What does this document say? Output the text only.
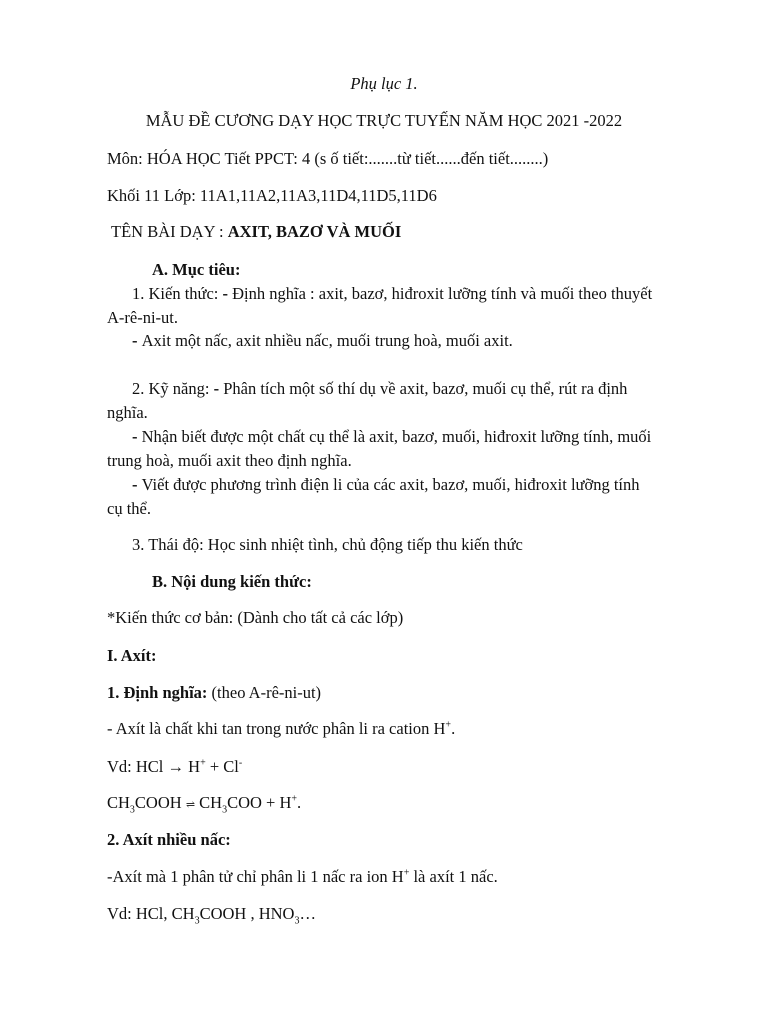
Phụ lục 1.
MẪU ĐỀ CƯƠNG DẠY HỌC TRỰC TUYẾN NĂM HỌC 2021 -2022
Môn: HÓA HỌC Tiết PPCT: 4 (s ố tiết:.......từ tiết......đến tiết........)
Khối 11 Lớp: 11A1,11A2,11A3,11D4,11D5,11D6
TÊN BÀI DẠY : AXIT, BAZƠ VÀ MUỐI
A. Mục tiêu:
1. Kiến thức: - Định nghĩa : axit, bazơ, hiđroxit lưỡng tính và muối theo thuyết
A-rê-ni-ut.
- Axit một nấc, axit nhiều nấc, muối trung hoà, muối axit.
2. Kỹ năng: - Phân tích một số thí dụ về axit, bazơ, muối cụ thể, rút ra định
nghĩa.
- Nhận biết được một chất cụ thể là axit, bazơ, muối, hiđroxit lưỡng tính, muối
trung hoà, muối axit theo định nghĩa.
- Viết được phương trình điện li của các axit, bazơ, muối, hiđroxit lưỡng tính
cụ thể.
3. Thái độ: Học sinh nhiệt tình, chủ động tiếp thu kiến thức
B. Nội dung kiến thức:
*Kiến thức cơ bản: (Dành cho tất cả các lớp)
I. Axít:
1. Định nghĩa: (theo A-rê-ni-ut)
- Axít là chất khi tan trong nước phân li ra cation H+.
Vd: HCl → H+ + Cl-
$CH_3COOH$ ⇌ $CH_3COO + H^+$.
2. Axít nhiều nấc:
-Axít mà 1 phân tử chỉ phân li 1 nấc ra ion H+ là axít 1 nấc.
Vd: HCl, $CH_3COOH$ , $HNO_3\dots$
